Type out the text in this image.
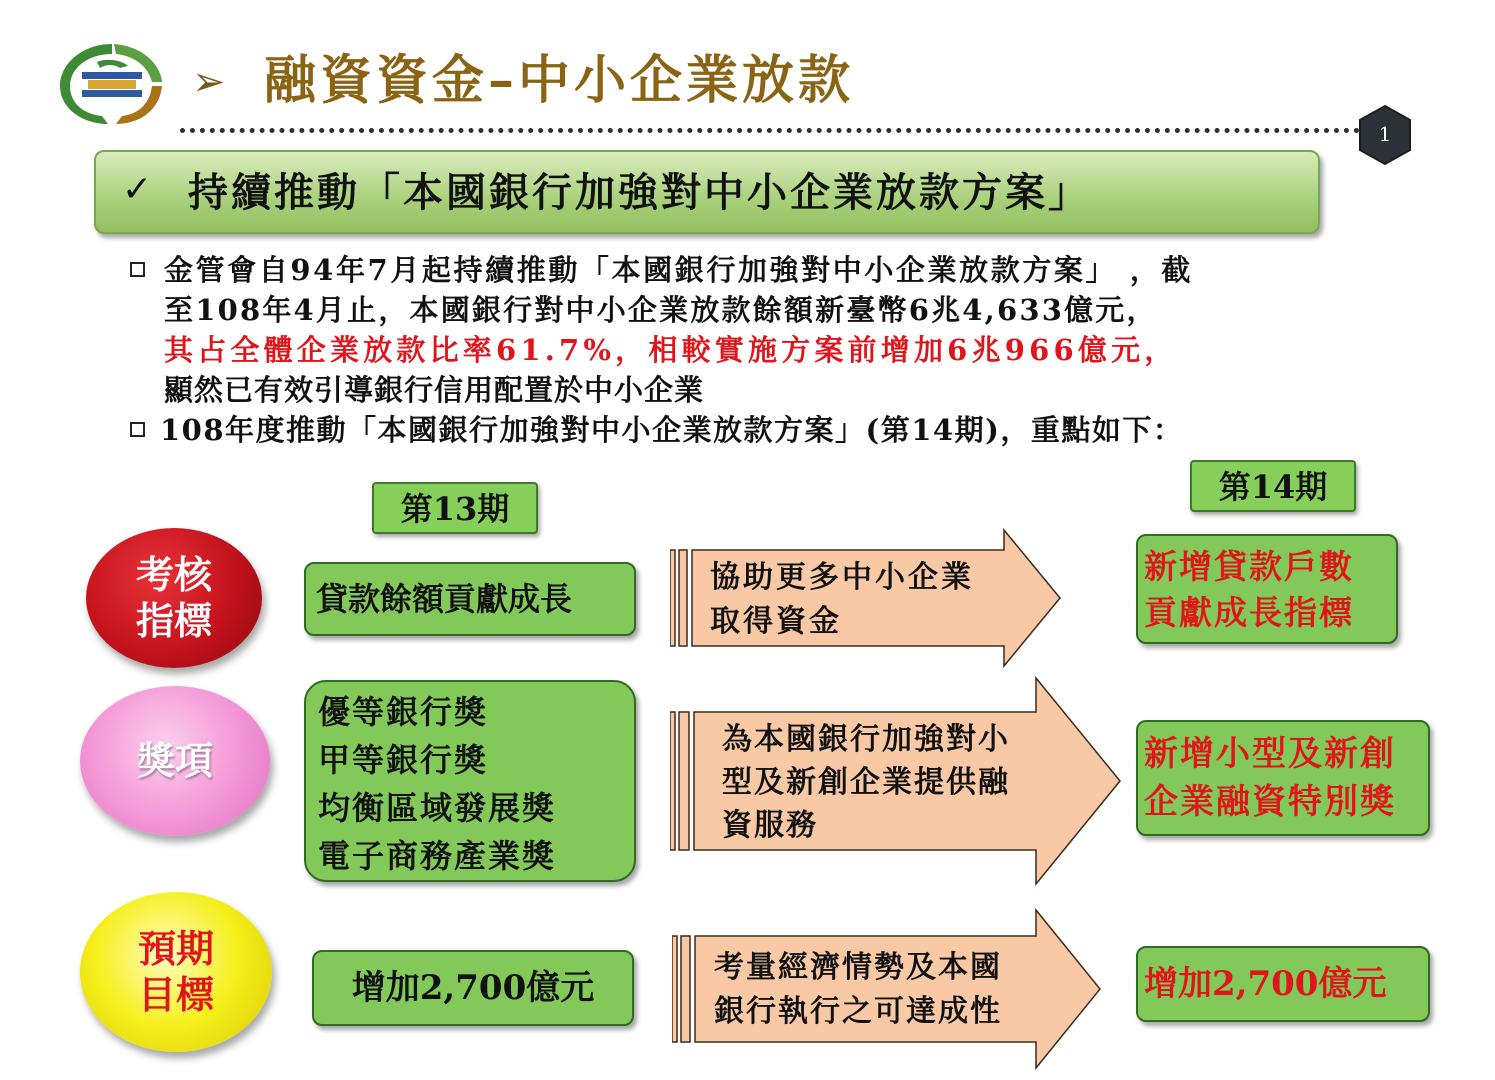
➢ 融資資金–中小企業放款
1
✓ 持續推動「本國銀行加強對中小企業放款方案」
金管會自94年7月起持續推動「本國銀行加強對中小企業放款方案」 ，截
至108年4月止，本國銀行對中小企業放款餘額新臺幣6兆4,633億元，
其占全體企業放款比率61.7%，相較實施方案前增加6兆966億元，
顯然已有效引導銀行信用配置於中小企業
108年度推動「本國銀行加強對中小企業放款方案」(第14期)，重點如下：
第13期
第14期
考核
指標	貸款餘額貢獻成長
協助更多中小企業
取得資金
新增貸款戶數
貢獻成長指標
獎項
優等銀行獎
甲等銀行獎
均衡區域發展獎
電子商務產業獎
為本國銀行加強對小
型及新創企業提供融
資服務
新增小型及新創
企業融資特別獎
預期
目標	增加2,700億元
考量經濟情勢及本國
銀行執行之可達成性
增加2,700億元
